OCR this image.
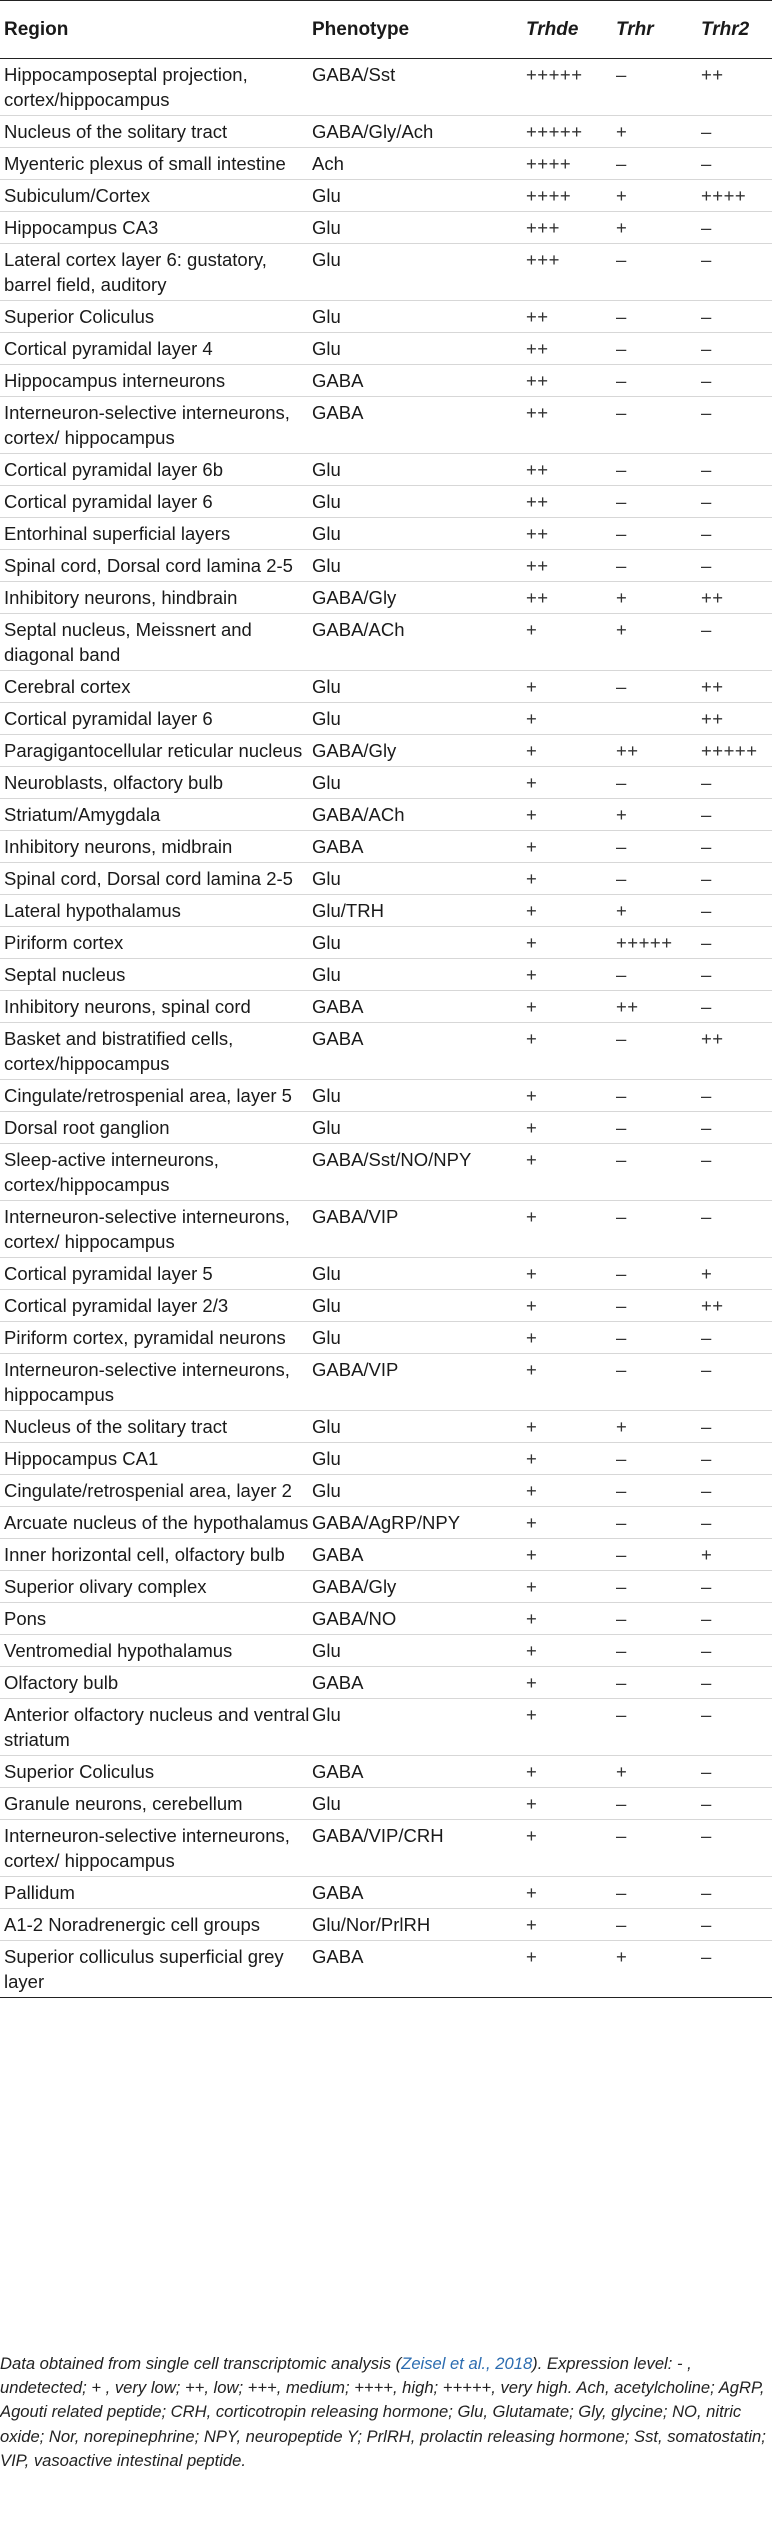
Region	Phenotype	Trhde	Trhr	Trhr2
Hippocamposeptal projection, cortex/hippocampus	GABA/Sst	+++++	–	++
Nucleus of the solitary tract	GABA/Gly/Ach	+++++	+	–
Myenteric plexus of small intestine	Ach	++++	–	–
Subiculum/Cortex	Glu	++++	+	++++
Hippocampus CA3	Glu	+++	+	–
Lateral cortex layer 6: gustatory, barrel field, auditory	Glu	+++	–	–
Superior Coliculus	Glu	++	–	–
Cortical pyramidal layer 4	Glu	++	–	–
Hippocampus interneurons	GABA	++	–	–
Interneuron-selective interneurons, cortex/ hippocampus	GABA	++	–	–
Cortical pyramidal layer 6b	Glu	++	–	–
Cortical pyramidal layer 6	Glu	++	–	–
Entorhinal superficial layers	Glu	++	–	–
Spinal cord, Dorsal cord lamina 2-5	Glu	++	–	–
Inhibitory neurons, hindbrain	GABA/Gly	++	+	++
Septal nucleus, Meissnert and diagonal band	GABA/ACh	+	+	–
Cerebral cortex	Glu	+	–	++
Cortical pyramidal layer 6	Glu	+		++
Paragigantocellular reticular nucleus	GABA/Gly	+	++	+++++
Neuroblasts, olfactory bulb	Glu	+	–	–
Striatum/Amygdala	GABA/ACh	+	+	–
Inhibitory neurons, midbrain	GABA	+	–	–
Spinal cord, Dorsal cord lamina 2-5	Glu	+	–	–
Lateral hypothalamus	Glu/TRH	+	+	–
Piriform cortex	Glu	+	+++++	–
Septal nucleus	Glu	+	–	–
Inhibitory neurons, spinal cord	GABA	+	++	–
Basket and bistratified cells, cortex/hippocampus	GABA	+	–	++
Cingulate/retrospenial area, layer 5	Glu	+	–	–
Dorsal root ganglion	Glu	+	–	–
Sleep-active interneurons, cortex/hippocampus	GABA/Sst/NO/NPY	+	–	–
Interneuron-selective interneurons, cortex/ hippocampus	GABA/VIP	+	–	–
Cortical pyramidal layer 5	Glu	+	–	+
Cortical pyramidal layer 2/3	Glu	+	–	++
Piriform cortex, pyramidal neurons	Glu	+	–	–
Interneuron-selective interneurons, hippocampus	GABA/VIP	+	–	–
Nucleus of the solitary tract	Glu	+	+	–
Hippocampus CA1	Glu	+	–	–
Cingulate/retrospenial area, layer 2	Glu	+	–	–
Arcuate nucleus of the hypothalamus	GABA/AgRP/NPY	+	–	–
Inner horizontal cell, olfactory bulb	GABA	+	–	+
Superior olivary complex	GABA/Gly	+	–	–
Pons	GABA/NO	+	–	–
Ventromedial hypothalamus	Glu	+	–	–
Olfactory bulb	GABA	+	–	–
Anterior olfactory nucleus and ventral striatum	Glu	+	–	–
Superior Coliculus	GABA	+	+	–
Granule neurons, cerebellum	Glu	+	–	–
Interneuron-selective interneurons, cortex/ hippocampus	GABA/VIP/CRH	+	–	–
Pallidum	GABA	+	–	–
A1-2 Noradrenergic cell groups	Glu/Nor/PrlRH	+	–	–
Superior colliculus superficial grey layer	GABA	+	+	–
Data obtained from single cell transcriptomic analysis (Zeisel et al., 2018). Expression level: - , undetected; + , very low; ++, low; +++, medium; ++++, high; +++++, very high. Ach, acetylcholine; AgRP, Agouti related peptide; CRH, corticotropin releasing hormone; Glu, Glutamate; Gly, glycine; NO, nitric oxide; Nor, norepinephrine; NPY, neuropeptide Y; PrlRH, prolactin releasing hormone; Sst, somatostatin; VIP, vasoactive intestinal peptide.
